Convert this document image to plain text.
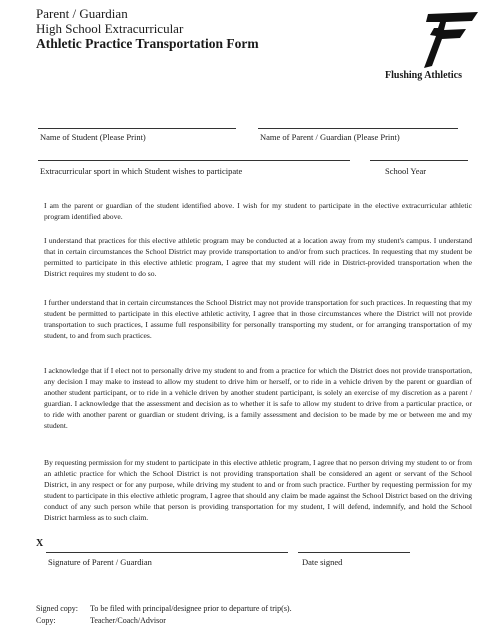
Parent / Guardian
High School Extracurricular
Athletic Practice Transportation Form
Flushing Athletics
Name of Student (Please Print)	Name of Parent / Guardian (Please Print)
Extracurricular sport in which Student wishes to participate	School Year

I am the parent or guardian of the student identified above. I wish for my student to participate in the elective extracurricular athletic program identified above.

I understand that practices for this elective athletic program may be conducted at a location away from my student's campus. I understand that in certain circumstances the School District may provide transportation to and/or from such practices. In requesting that my student be permitted to participate in this elective athletic program, I agree that my student will ride in District-provided transportation when the District requires my student to do so.

I further understand that in certain circumstances the School District may not provide transportation for such practices. In requesting that my student be permitted to participate in this elective athletic activity, I agree that in those circumstances where the District will not provide transportation to such practices, I assume full responsibility for personally transporting my student, or for arranging transportation of my student, to and from such practices.

I acknowledge that if I elect not to personally drive my student to and from a practice for which the District does not provide transportation, any decision I may make to instead to allow my student to drive him or herself, or to ride in a vehicle driven by the parent or guardian of another student participant, or to ride in a vehicle driven by another student participant, is solely an exercise of my discretion as a parent / guardian. I acknowledge that the assessment and decision as to whether it is safe to allow my student to drive from a particular practice, or to ride with another parent or guardian or student driving, is a family assessment and decision to be made by me or between me and my student.

By requesting permission for my student to participate in this elective athletic program, I agree that no person driving my student to or from an athletic practice for which the School District is not providing transportation shall be considered an agent or servant of the School District, in any respect or for any purpose, while driving my student to and or from such practice. Further by requesting permission for my student to participate in this elective athletic program, I agree that should any claim be made against the School District based on the driving conduct of any such person while that person is providing transportation for my student, I will defend, indemnify, and hold the School District harmless as to such claim.

X
Signature of Parent / Guardian	Date signed
Signed copy: To be filed with principal/designee prior to departure of trip(s).
Copy:	Teacher/Coach/Advisor
